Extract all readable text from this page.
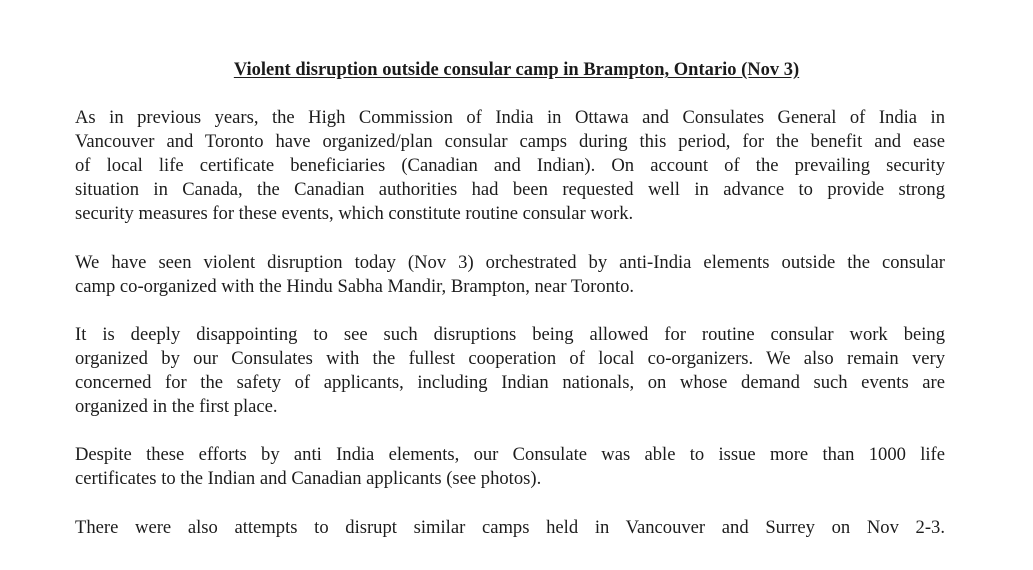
Violent disruption outside consular camp in Brampton, Ontario (Nov 3)
As in previous years, the High Commission of India in Ottawa and Consulates General of India in
Vancouver and Toronto have organized/plan consular camps during this period, for the benefit and ease
of local life certificate beneficiaries (Canadian and Indian). On account of the prevailing security
situation in Canada, the Canadian authorities had been requested well in advance to provide strong
security measures for these events, which constitute routine consular work.
We have seen violent disruption today (Nov 3) orchestrated by anti-India elements outside the consular
camp co-organized with the Hindu Sabha Mandir, Brampton, near Toronto.
It is deeply disappointing to see such disruptions being allowed for routine consular work being
organized by our Consulates with the fullest cooperation of local co-organizers. We also remain very
concerned for the safety of applicants, including Indian nationals, on whose demand such events are
organized in the first place.
Despite these efforts by anti India elements, our Consulate was able to issue more than 1000 life
certificates to the Indian and Canadian applicants (see photos).
There were also attempts to disrupt similar camps held in Vancouver and Surrey on Nov 2-3.
